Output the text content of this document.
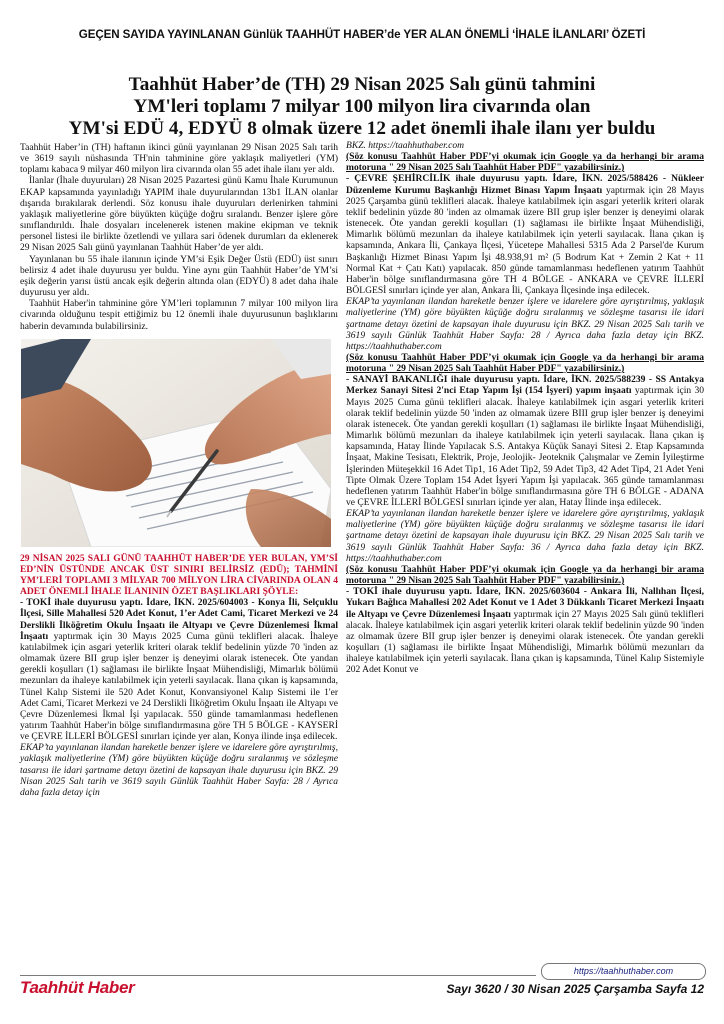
GEÇEN SAYIDA YAYINLANAN Günlük TAAHHÜT HABER’de YER ALAN ÖNEMLİ ‘İHALE İLANLARI’ ÖZETİ
Taahhüt Haber’de (TH) 29 Nisan 2025 Salı günü tahmini
YM'leri toplamı 7 milyar 100 milyon lira civarında olan
YM'si EDÜ 4, EDYÜ 8 olmak üzere 12 adet önemli ihale ilanı yer buldu

Taahhüt Haber’in (TH) haftanın ikinci günü yayınlanan 29 Nisan 2025 Salı tarih ve 3619 sayılı nüshasında TH'nin tahminine göre yaklaşık maliyetleri (YM) toplamı kabaca 9 milyar 460 milyon lira civarında olan 55 adet ihale ilanı yer aldı.

İlanlar (İhale duyuruları) 28 Nisan 2025 Pazartesi günü Kamu İhale Kurumunun EKAP kapsamında yayınladığı YAPIM ihale duyurularından 13b1 İLAN olanlar dışarıda bırakılarak derlendi. Söz konusu ihale duyuruları derlenirken tahmini yaklaşık maliyetlerine göre büyükten küçüğe doğru sıralandı. Benzer işlere göre sınıflandırıldı. İhale dosyaları incelenerek istenen makine ekipman ve teknik personel listesi ile birlikte özetlendi ve yıllara sari ödenek durumları da eklenerek 29 Nisan 2025 Salı günü yayınlanan Taahhüt Haber’de yer aldı.

Yayınlanan bu 55 ihale ilanının içinde YM’si Eşik Değer Üstü (EDÜ) üst sınırı belirsiz 4 adet ihale duyurusu yer buldu. Yine aynı gün Taahhüt Haber’de YM’si eşik değerin yarısı üstü ancak eşik değerin altında olan (EDYÜ) 8 adet daha ihale duyurusu yer aldı.

Taahhüt Haber'in tahminine göre YM’leri toplamının 7 milyar 100 milyon lira civarında olduğunu tespit ettiğimiz bu 12 önemli ihale duyurusunun başlıklarını haberin devamında bulabilirsiniz.

29 NİSAN 2025 SALI GÜNÜ TAAHHÜT HABER’DE YER BULAN, YM’Sİ ED’NİN ÜSTÜNDE ANCAK ÜST SINIRI BELİRSİZ (EDÜ); TAHMİNİ YM’LERİ TOPLAMI 3 MİLYAR 700 MİLYON LİRA CİVARINDA OLAN 4 ADET ÖNEMLİ İHALE İLANININ ÖZET BAŞLIKLARI ŞÖYLE:

- TOKİ ihale duyurusu yaptı. İdare, İKN. 2025/604003 - Konya İli, Selçuklu İlçesi, Sille Mahallesi 520 Adet Konut, 1’er Adet Cami, Ticaret Merkezi ve 24 Derslikli İlköğretim Okulu İnşaatı ile Altyapı ve Çevre Düzenlemesi İkmal İnşaatı yaptırmak için 30 Mayıs 2025 Cuma günü teklifleri alacak. İhaleye katılabilmek için asgari yeterlik kriteri olarak teklif bedelinin yüzde 70 'inden az olmamak üzere BII grup işler benzer iş deneyimi olarak istenecek. Öte yandan gerekli koşulları (1) sağlaması ile birlikte İnşaat Mühendisliği, Mimarlık bölümü mezunları da ihaleye katılabilmek için yeterli sayılacak. İlana çıkan iş kapsamında, Tünel Kalıp Sistemi ile 520 Adet Konut, Konvansiyonel Kalıp Sistemi ile 1'er Adet Cami, Ticaret Merkezi ve 24 Derslikli İlköğretim Okulu İnşaatı ile Altyapı ve Çevre Düzenlemesi İkmal İşi yapılacak. 550 günde tamamlanması hedeflenen yatırım Taahhüt Haber'in bölge sınıflandırmasına göre TH 5 BÖLGE - KAYSERİ ve ÇEVRE İLLERİ BÖLGESİ sınırları içinde yer alan, Konya ilinde inşa edilecek.

EKAP’ta yayınlanan ilandan hareketle benzer işlere ve idarelere göre ayrıştırılmış, yaklaşık maliyetlerine (YM) göre büyükten küçüğe doğru sıralanmış ve sözleşme tasarısı ile idari şartname detayı özetini de kapsayan ihale duyurusu için BKZ. 29 Nisan 2025 Salı tarih ve 3619 sayılı Günlük Taahhüt Haber Sayfa: 28 / Ayrıca daha fazla detay için

BKZ. https://taahhuthaber.com

(Söz konusu Taahhüt Haber PDF’yi okumak için Google ya da herhangi bir arama motoruna " 29 Nisan 2025 Salı Taahhüt Haber PDF" yazabilirsiniz.)

- ÇEVRE ŞEHİRCİLİK ihale duyurusu yaptı. İdare, İKN. 2025/588426 - Nükleer Düzenleme Kurumu Başkanlığı Hizmet Binası Yapım İnşaatı yaptırmak için 28 Mayıs 2025 Çarşamba günü teklifleri alacak. İhaleye katılabilmek için asgari yeterlik kriteri olarak teklif bedelinin yüzde 80 'inden az olmamak üzere BII grup işler benzer iş deneyimi olarak istenecek. Öte yandan gerekli koşulları (1) sağlaması ile birlikte İnşaat Mühendisliği, Mimarlık bölümü mezunları da ihaleye katılabilmek için yeterli sayılacak. İlana çıkan iş kapsamında, Ankara İli, Çankaya İlçesi, Yücetepe Mahallesi 5315 Ada 2 Parsel'de Kurum Başkanlığı Hizmet Binası Yapım İşi 48.938,91 m² (5 Bodrum Kat + Zemin 2 Kat + 11 Normal Kat + Çatı Katı) yapılacak. 850 günde tamamlanması hedeflenen yatırım Taahhüt Haber'in bölge sınıflandırmasına göre TH 4 BÖLGE - ANKARA ve ÇEVRE İLLERİ BÖLGESİ sınırları içinde yer alan, Ankara İli, Çankaya İlçesinde inşa edilecek.

EKAP’ta yayınlanan ilandan hareketle benzer işlere ve idarelere göre ayrıştırılmış, yaklaşık maliyetlerine (YM) göre büyükten küçüğe doğru sıralanmış ve sözleşme tasarısı ile idari şartname detayı özetini de kapsayan ihale duyurusu için BKZ. 29 Nisan 2025 Salı tarih ve 3619 sayılı Günlük Taahhüt Haber Sayfa: 28 / Ayrıca daha fazla detay için BKZ. https://taahhuthaber.com

(Söz konusu Taahhüt Haber PDF’yi okumak için Google ya da herhangi bir arama motoruna " 29 Nisan 2025 Salı Taahhüt Haber PDF" yazabilirsiniz.)

- SANAYİ BAKANLIĞI ihale duyurusu yaptı. İdare, İKN. 2025/588239 - SS Antakya Merkez Sanayi Sitesi 2'nci Etap Yapım İşi (154 İşyeri) yapım inşaatı yaptırmak için 30 Mayıs 2025 Cuma günü teklifleri alacak. İhaleye katılabilmek için asgari yeterlik kriteri olarak teklif bedelinin yüzde 50 'inden az olmamak üzere BIII grup işler benzer iş deneyimi olarak istenecek. Öte yandan gerekli koşulları (1) sağlaması ile birlikte İnşaat Mühendisliği, Mimarlık bölümü mezunları da ihaleye katılabilmek için yeterli sayılacak. İlana çıkan iş kapsamında, Hatay İlinde Yapılacak S.S. Antakya Küçük Sanayi Sitesi 2. Etap Kapsamında İnşaat, Makine Tesisatı, Elektrik, Proje, Jeolojik- Jeoteknik Çalışmalar ve Zemin İyileştirme İşlerinden Müteşekkil 16 Adet Tip1, 16 Adet Tip2, 59 Adet Tip3, 42 Adet Tip4, 21 Adet Yeni Tipte Olmak Üzere Toplam 154 Adet İşyeri Yapım İşi yapılacak. 365 günde tamamlanması hedeflenen yatırım Taahhüt Haber'in bölge sınıflandırmasına göre TH 6 BÖLGE - ADANA ve ÇEVRE İLLERİ BÖLGESİ sınırları içinde yer alan, Hatay İlinde inşa edilecek.

EKAP’ta yayınlanan ilandan hareketle benzer işlere ve idarelere göre ayrıştırılmış, yaklaşık maliyetlerine (YM) göre büyükten küçüğe doğru sıralanmış ve sözleşme tasarısı ile idari şartname detayı özetini de kapsayan ihale duyurusu için BKZ. 29 Nisan 2025 Salı tarih ve 3619 sayılı Günlük Taahhüt Haber Sayfa: 36 / Ayrıca daha fazla detay için BKZ. https://taahhuthaber.com

(Söz konusu Taahhüt Haber PDF’yi okumak için Google ya da herhangi bir arama motoruna " 29 Nisan 2025 Salı Taahhüt Haber PDF" yazabilirsiniz.)

- TOKİ ihale duyurusu yaptı. İdare, İKN. 2025/603604 - Ankara İli, Nallıhan İlçesi, Yukarı Bağlıca Mahallesi 202 Adet Konut ve 1 Adet 3 Dükkanlı Ticaret Merkezi İnşaatı ile Altyapı ve Çevre Düzenlemesi İnşaatı yaptırmak için 27 Mayıs 2025 Salı günü teklifleri alacak. İhaleye katılabilmek için asgari yeterlik kriteri olarak teklif bedelinin yüzde 90 'inden az olmamak üzere BII grup işler benzer iş deneyimi olarak istenecek. Öte yandan gerekli koşulları (1) sağlaması ile birlikte İnşaat Mühendisliği, Mimarlık bölümü mezunları da ihaleye katılabilmek için yeterli sayılacak. İlana çıkan iş kapsamında, Tünel Kalıp Sistemiyle 202 Adet Konut ve

https://taahhuthaber.com
Taahhüt Haber	Sayı 3620 / 30 Nisan 2025 Çarşamba Sayfa 12
